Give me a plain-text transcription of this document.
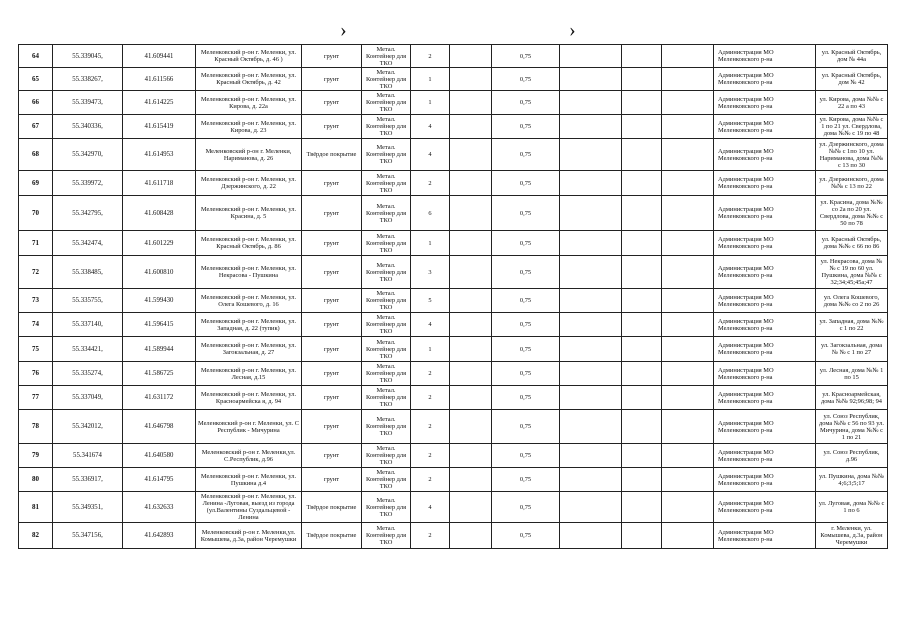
›	›
64	55.339045,	41.609441	Меленковский р-он г. Меленки, ул. Красный Октябрь, д. 46 )	грунт	Метал. Контейнер для ТКО	2		0,75				Администрация МО Меленковского р-на	ул. Красный Октябрь, дом № 44а
65	55.338267,	41.611566	Меленковский р-он г. Меленки, ул. Красный Октябрь, д. 42	грунт	Метал. Контейнер для ТКО	1		0,75				Администрация МО Меленковского р-на	ул. Красный Октябрь, дом № 42
66	55.339473,	41.614225	Меленковский р-он г. Меленки, ул. Кирова, д. 22а	грунт	Метал. Контейнер для ТКО	1		0,75				Администрация МО Меленковского р-на	ул. Кирова, дома №№ с 22 а по 43
67	55.340336,	41.615419	Меленковский р-он г. Меленки, ул. Кирова, д. 23	грунт	Метал. Контейнер для ТКО	4		0,75				Администрация МО Меленковского р-на	ул. Кирова, дома №№ с 1 по 21 ул. Свердлова, дома №№ с 19 по 48
68	55.342970,	41.614953	Меленковский р-он г. Меленки, Нариманова, д. 26	Твёрдое покрытие	Метал. Контейнер для ТКО	4		0,75				Администрация МО Меленковского р-на	ул. Дзержинского, дома №№ с 1по 10 ул. Нариманова, дома №№ с 13 по 30
69	55.339972,	41.611718	Меленковский р-он г. Меленки, ул. Дзержинского, д. 22	грунт	Метал. Контейнер для ТКО	2		0,75				Администрация МО Меленковского р-на	ул. Дзержинского, дома №№ с 13 по 22
70	55.342795,	41.608428	Меленковский р-он г. Меленки, ул. Красина, д. 5	грунт	Метал. Контейнер для ТКО	6		0,75				Администрация МО Меленковского р-на	ул. Красина, дома №№ со 2а по 20 ул. Свердлова, дома №№ с 50 по 78
71	55.342474,	41.601229	Меленковский р-он г. Меленки, ул. Красный Октябрь, д. 86	грунт	Метал. Контейнер для ТКО	1		0,75				Администрация МО Меленковского р-на	ул. Красный Октябрь, дома №№ с 66 по 86
72	55.338485,	41.600810	Меленковский р-он г. Меленки, ул. Некрасова - Пушкина	грунт	Метал. Контейнер для ТКО	3		0,75				Администрация МО Меленковского р-на	ул. Некрасова, дома №№ с 19 по 60 ул. Пушкина, дома №№ с 32;34;45;45а;47
73	55.335755,	41.599430	Меленковский р-он г. Меленки, ул. Олега Кошевого, д. 16	грунт	Метал. Контейнер для ТКО	5		0,75				Администрация МО Меленковского р-на	ул. Олега Кошевого, дома №№ со 2 по 26
74	55.337140,	41.596415	Меленковский р-он г. Меленки, ул. Западная, д. 22 (тупик)	грунт	Метал. Контейнер для ТКО	4		0,75				Администрация МО Меленковского р-на	ул. Западная, дома №№ с 1 по 22
75	55.334421,	41.589944	Меленковский р-он г. Меленки, ул. Загокзальная, д. 27	грунт	Метал. Контейнер для ТКО	1		0,75				Администрация МО Меленковского р-на	ул. Загокзальная, дома № № с 1 по 27
76	55.335274,	41.586725	Меленковский р-он г. Меленки, ул. Лесная, д.15	грунт	Метал. Контейнер для ТКО	2		0,75				Администрация МО Меленковского р-на	ул. Лесная, дома №№ 1 по 15
77	55.337049,	41.631172	Меленковский р-он г. Меленки, ул. Красноармейска я, д. 94	грунт	Метал. Контейнер для ТКО	2		0,75				Администрация МО Меленковского р-на	ул. Красноармейская, дома №№ 92;96;98; 94
78	55.342012,	41.646798	Меленковский р-он г. Меленки, ул. С Республик - Мичурина	грунт	Метал. Контейнер для ТКО	2		0,75				Администрация МО Меленковского р-на	ул. Союз Республик, дома №№ с 56 по 93 ул. Мичурина, дома №№ с 1 по 21
79	55.341674	41.640580	Меленковский р-он г. Меленки,ул. С.Республик, д.96	грунт	Метал. Контейнер для ТКО	2		0,75				Администрация МО Меленковского р-на	ул. Союз Республик, д.96
80	55.336917,	41.614795	Меленковский р-он г. Меленки, ул. Пушкина д.4	грунт	Метал. Контейнер для ТКО	2		0,75				Администрация МО Меленковского р-на	ул. Пушкина, дома №№ 4;6;3;5;17
81	55.349351,	41.632633	Меленковский р-он г. Меленки, ул. Ленина -Луговая, выезд из города (ул.Валентины Суздальцевой - Ленина	Твёрдое покрытие	Метал. Контейнер для ТКО	4		0,75				Администрация МО Меленковского р-на	ул. Луговая, дома №№ с 1 по 6
82	55.347156,	41.642893	Меленковский р-он г. Меленки,ул. Комышева, д.3а, район Черемушки	Твёрдое покрытие	Метал. Контейнер для ТКО	2		0,75				Администрация МО Меленковского р-на	г. Меленки, ул. Комышева, д.3а, район Черемушки
